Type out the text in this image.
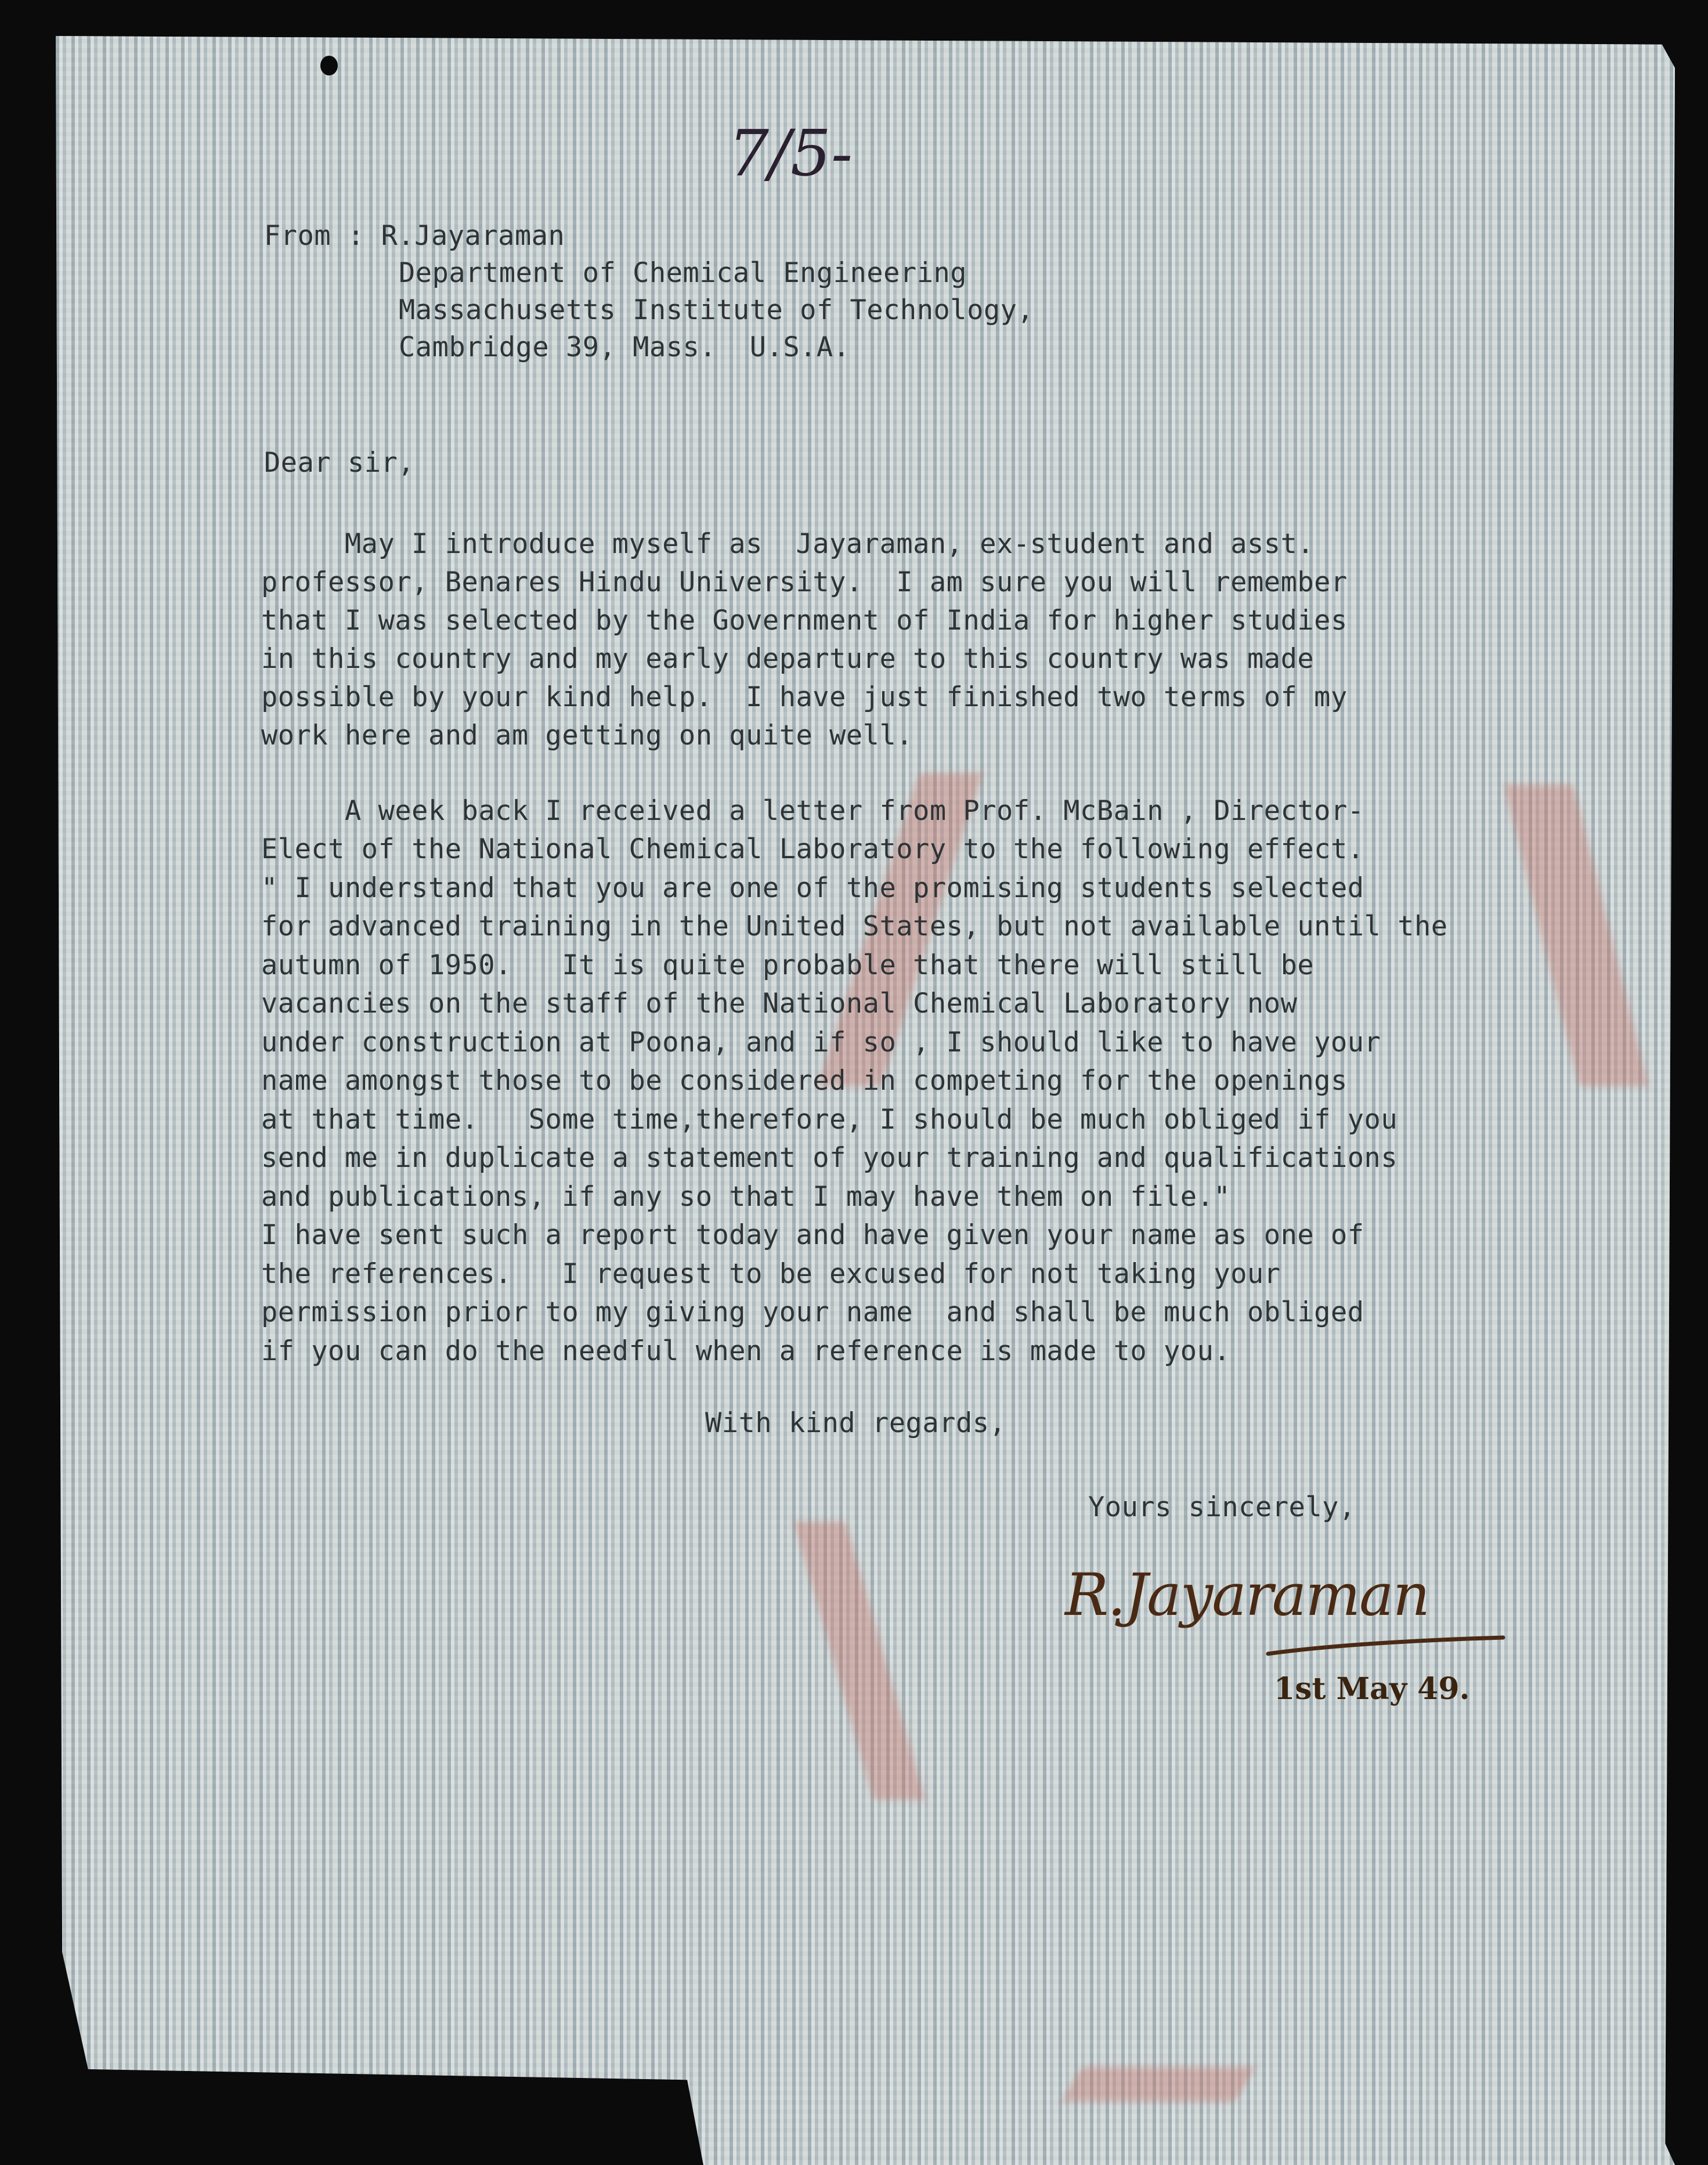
7/5-

From : R.Jayaraman

Department of Chemical Engineering

Massachusetts Institute of Technology,

Cambridge 39, Mass.  U.S.A.

Dear sir,

May I introduce myself as  Jayaraman, ex-student and asst.

professor, Benares Hindu University.  I am sure you will remember

that I was selected by the Government of India for higher studies

in this country and my early departure to this country was made

possible by your kind help.  I have just finished two terms of my

work here and am getting on quite well.

A week back I received a letter from Prof. McBain , Director-

Elect of the National Chemical Laboratory to the following effect.

" I understand that you are one of the promising students selected

for advanced training in the United States, but not available until the

autumn of 1950.   It is quite probable that there will still be

vacancies on the staff of the National Chemical Laboratory now

under construction at Poona, and if so , I should like to have your

name amongst those to be considered in competing for the openings

at that time.   Some time,therefore, I should be much obliged if you

send me in duplicate a statement of your training and qualifications

and publications, if any so that I may have them on file."

I have sent such a report today and have given your name as one of

the references.   I request to be excused for not taking your

permission prior to my giving your name  and shall be much obliged

if you can do the needful when a reference is made to you.

With kind regards,
Yours sincerely,
R.Jayaraman
1st May 49.
